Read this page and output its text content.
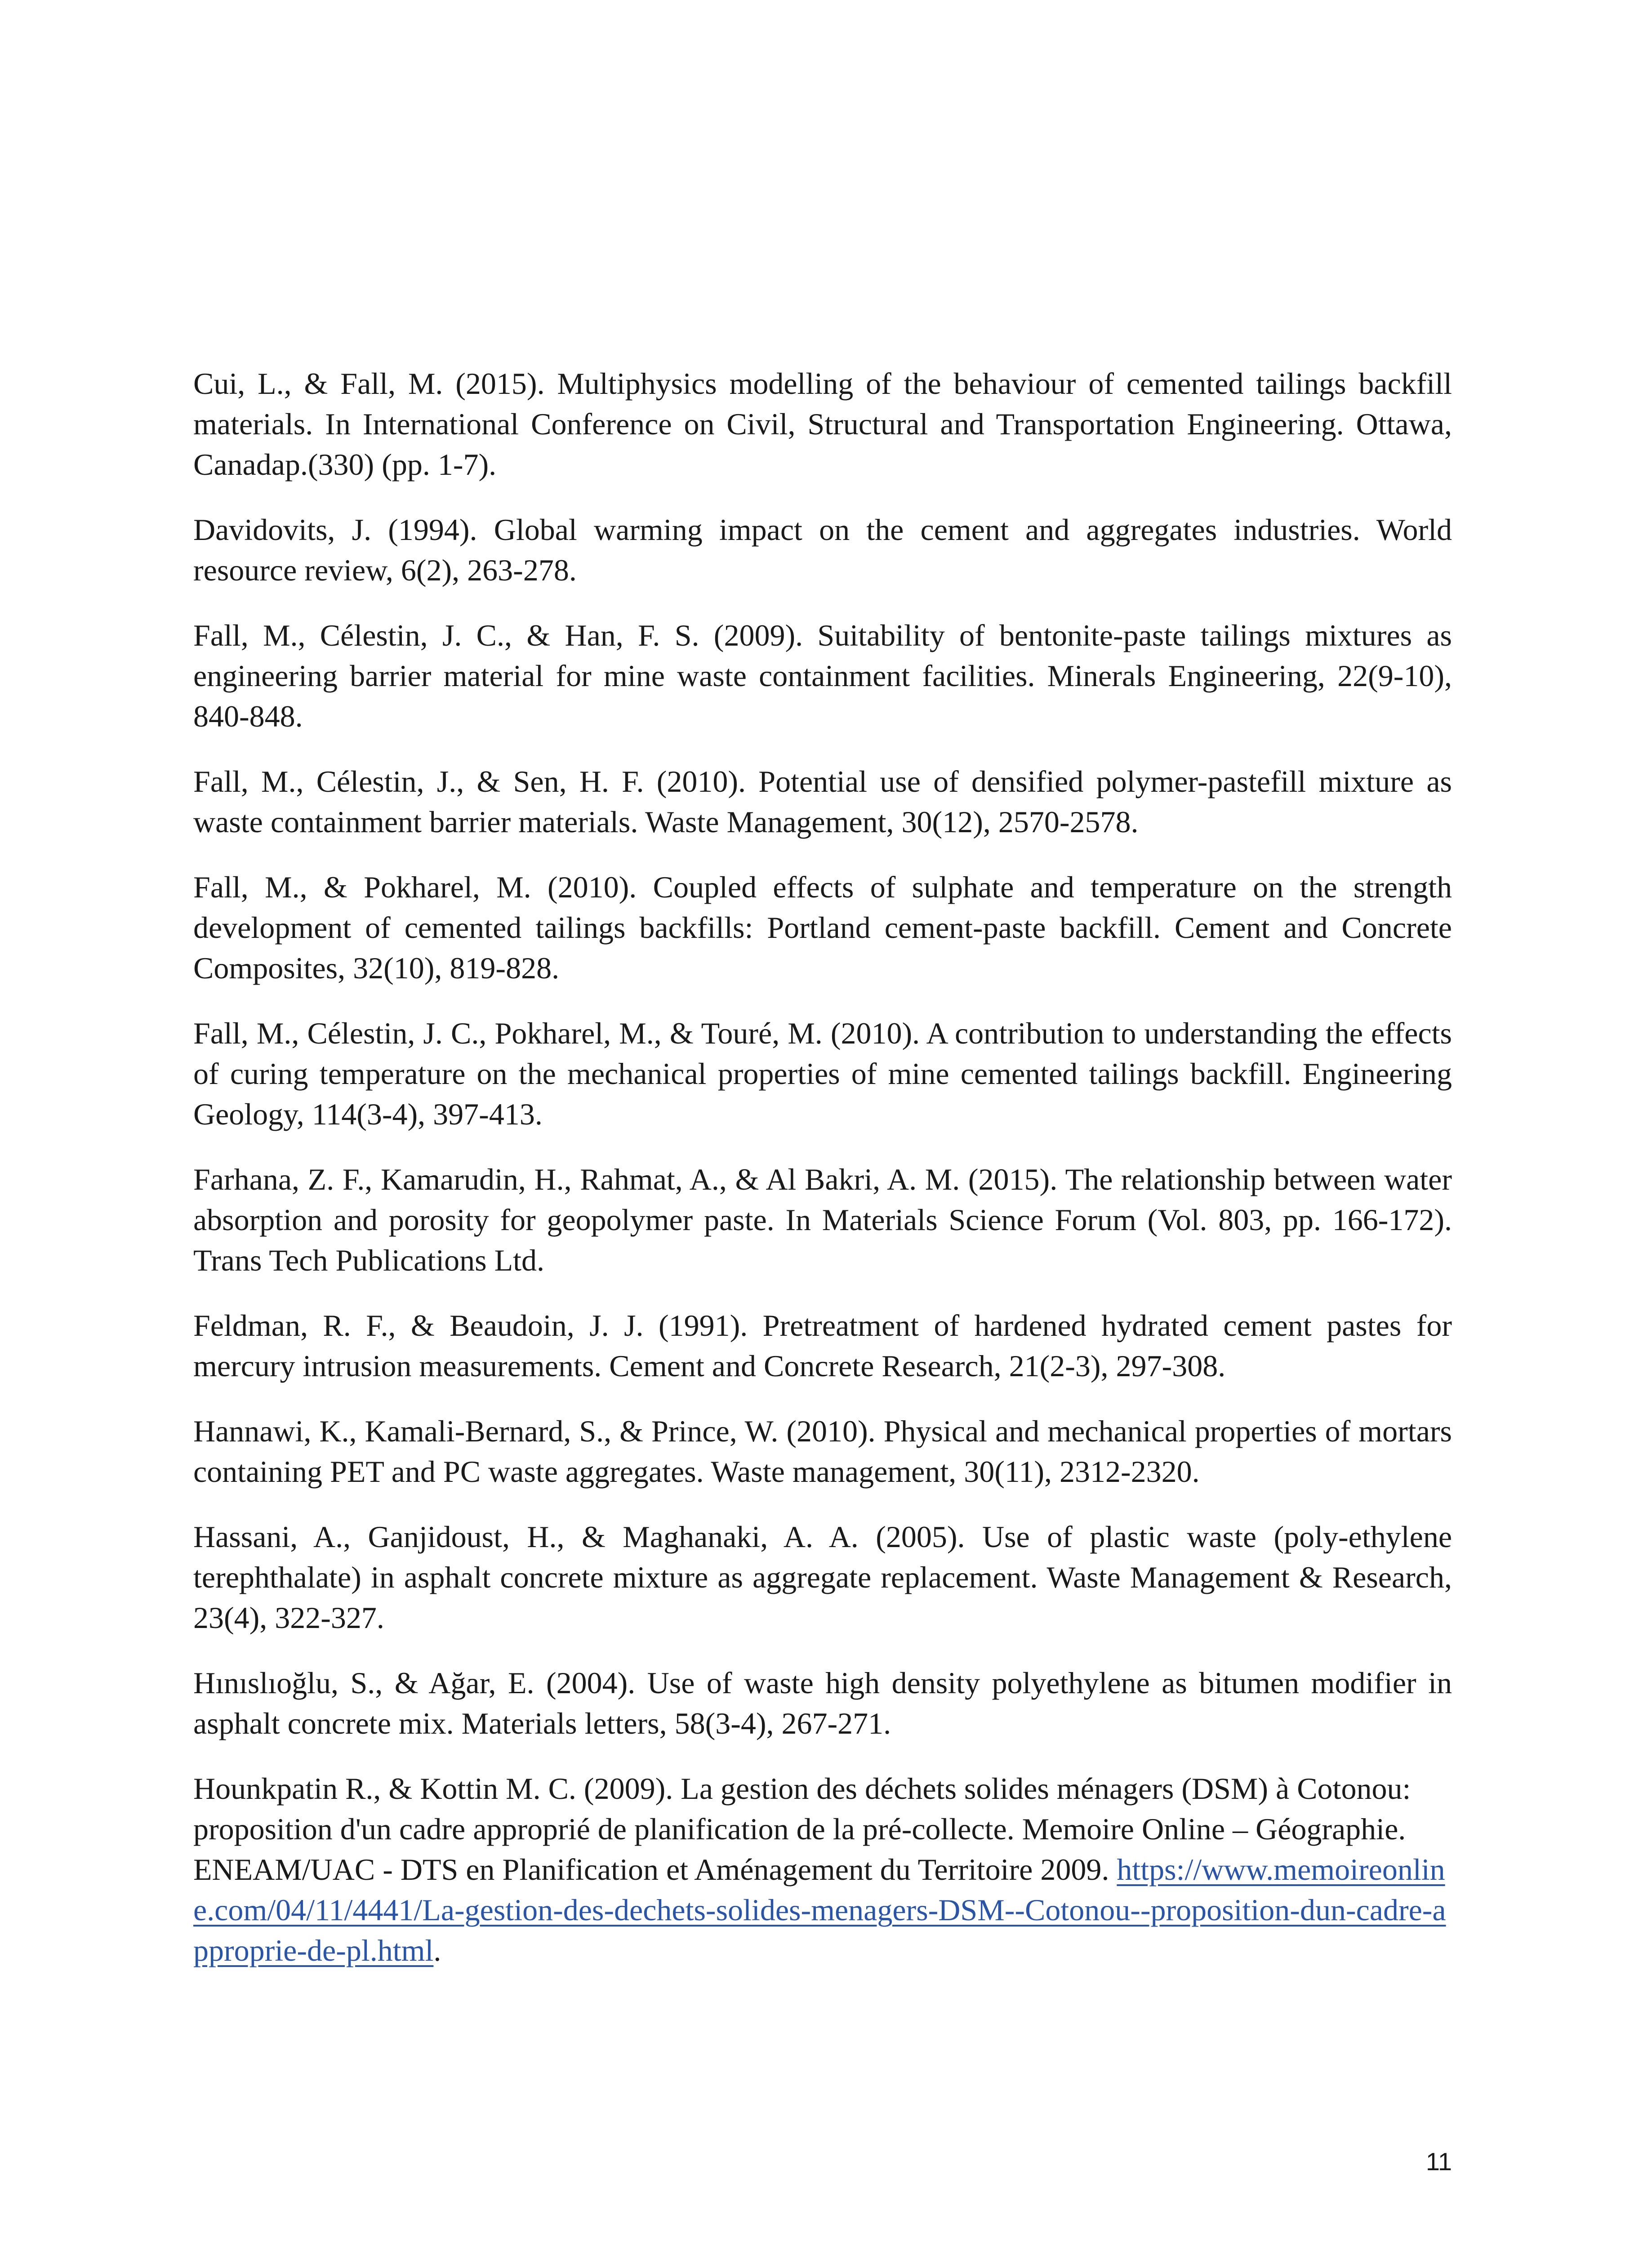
Cui, L., & Fall, M. (2015). Multiphysics modelling of the behaviour of cemented tailings backfill materials. In International Conference on Civil, Structural and Transportation Engineering. Ottawa, Canadap.(330) (pp. 1-7).

Davidovits, J. (1994). Global warming impact on the cement and aggregates industries. World resource review, 6(2), 263-278.

Fall, M., Célestin, J. C., & Han, F. S. (2009). Suitability of bentonite-paste tailings mixtures as engineering barrier material for mine waste containment facilities. Minerals Engineering, 22(9-10), 840-848.

Fall, M., Célestin, J., & Sen, H. F. (2010). Potential use of densified polymer-pastefill mixture as waste containment barrier materials. Waste Management, 30(12), 2570-2578.

Fall, M., & Pokharel, M. (2010). Coupled effects of sulphate and temperature on the strength development of cemented tailings backfills: Portland cement-paste backfill. Cement and Concrete Composites, 32(10), 819-828.

Fall, M., Célestin, J. C., Pokharel, M., & Touré, M. (2010). A contribution to understanding the effects of curing temperature on the mechanical properties of mine cemented tailings backfill. Engineering Geology, 114(3-4), 397-413.

Farhana, Z. F., Kamarudin, H., Rahmat, A., & Al Bakri, A. M. (2015). The relationship between water absorption and porosity for geopolymer paste. In Materials Science Forum (Vol. 803, pp. 166-172). Trans Tech Publications Ltd.

Feldman, R. F., & Beaudoin, J. J. (1991). Pretreatment of hardened hydrated cement pastes for mercury intrusion measurements. Cement and Concrete Research, 21(2-3), 297-308.

Hannawi, K., Kamali-Bernard, S., & Prince, W. (2010). Physical and mechanical properties of mortars containing PET and PC waste aggregates. Waste management, 30(11), 2312-2320.

Hassani, A., Ganjidoust, H., & Maghanaki, A. A. (2005). Use of plastic waste (poly-ethylene terephthalate) in asphalt concrete mixture as aggregate replacement. Waste Management & Research, 23(4), 322-327.

Hınıslıoğlu, S., & Ağar, E. (2004). Use of waste high density polyethylene as bitumen modifier in asphalt concrete mix. Materials letters, 58(3-4), 267-271.

Hounkpatin R., & Kottin M. C. (2009). La gestion des déchets solides ménagers (DSM) à Cotonou: proposition d'un cadre approprié de planification de la pré-collecte. Memoire Online – Géographie. ENEAM/UAC - DTS en Planification et Aménagement du Territoire 2009. https://www.memoireonline.com/04/11/4441/La-gestion-des-dechets-solides-menagers-DSM--Cotonou--proposition-dun-cadre-approprie-de-pl.html.

11
